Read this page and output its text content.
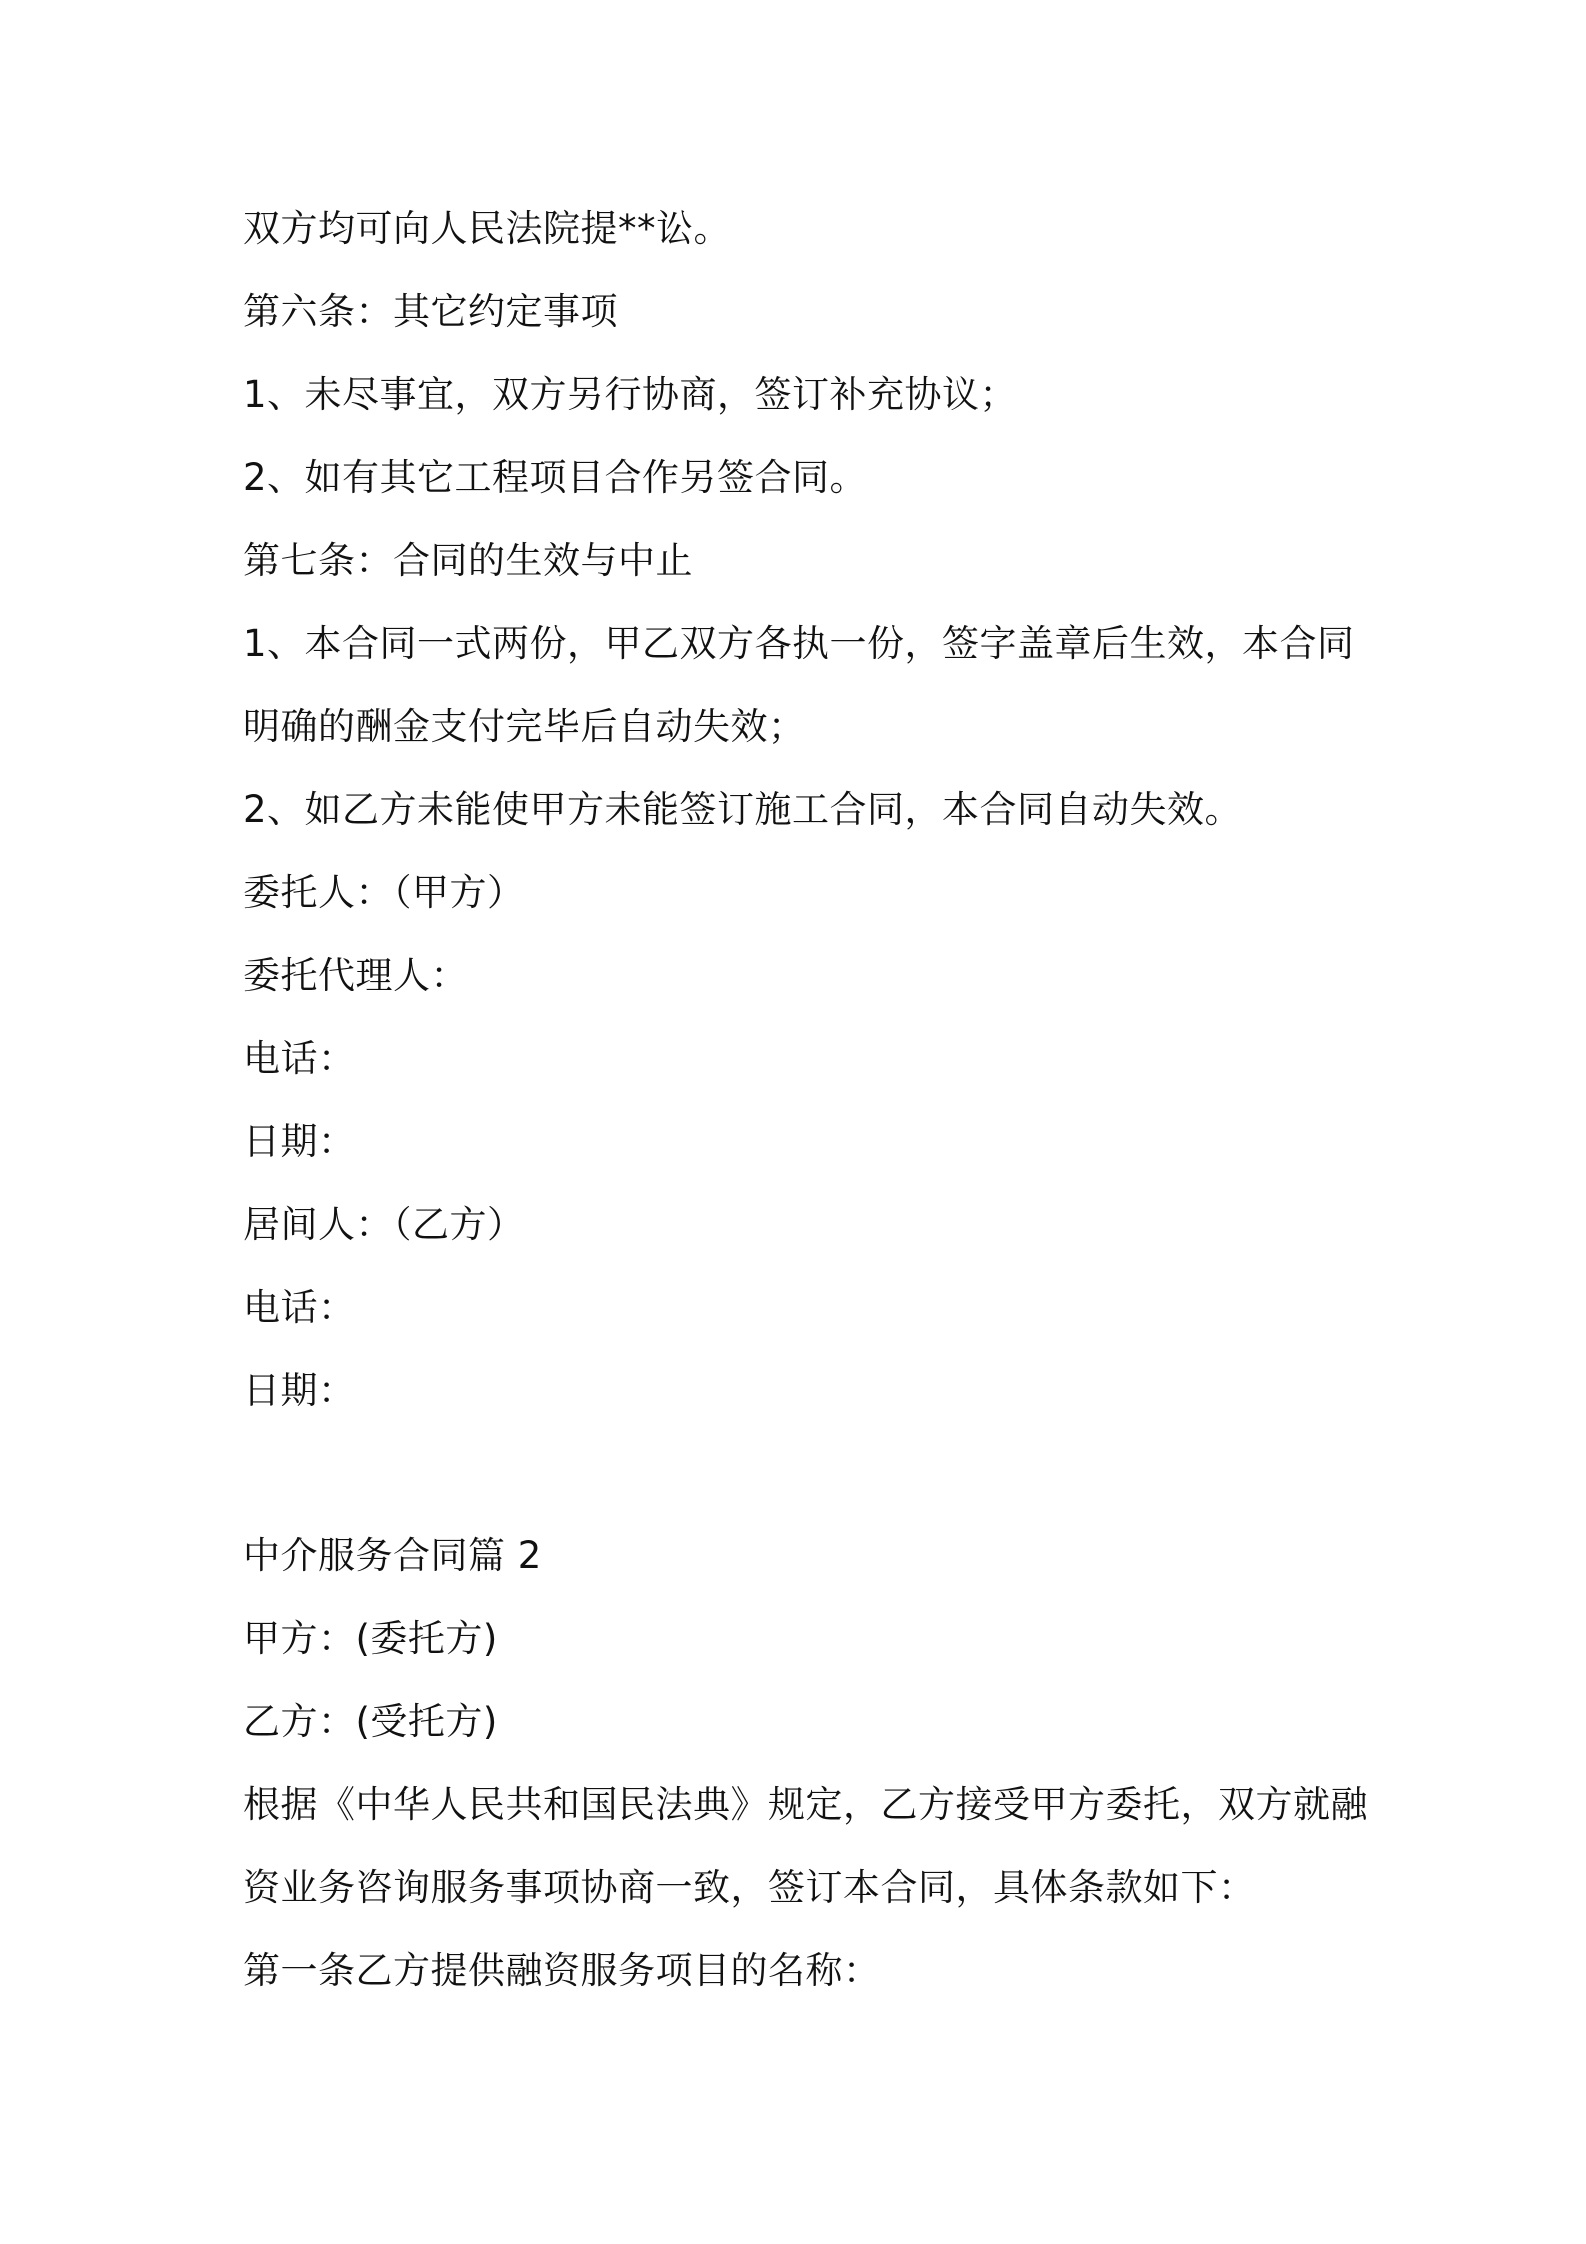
双方均可向人民法院提**讼。
第六条：其它约定事项
1、未尽事宜，双方另行协商，签订补充协议；
2、如有其它工程项目合作另签合同。
第七条：合同的生效与中止
1、本合同一式两份，甲乙双方各执一份，签字盖章后生效，本合同
明确的酬金支付完毕后自动失效；
2、如乙方未能使甲方未能签订施工合同，本合同自动失效。
委托人：（甲方）
委托代理人：
电话：
日期：
居间人：（乙方）
电话：
日期：
中介服务合同篇 2
甲方：(委托方)
乙方：(受托方)
根据《中华人民共和国民法典》规定，乙方接受甲方委托，双方就融
资业务咨询服务事项协商一致，签订本合同，具体条款如下：
第一条乙方提供融资服务项目的名称：
